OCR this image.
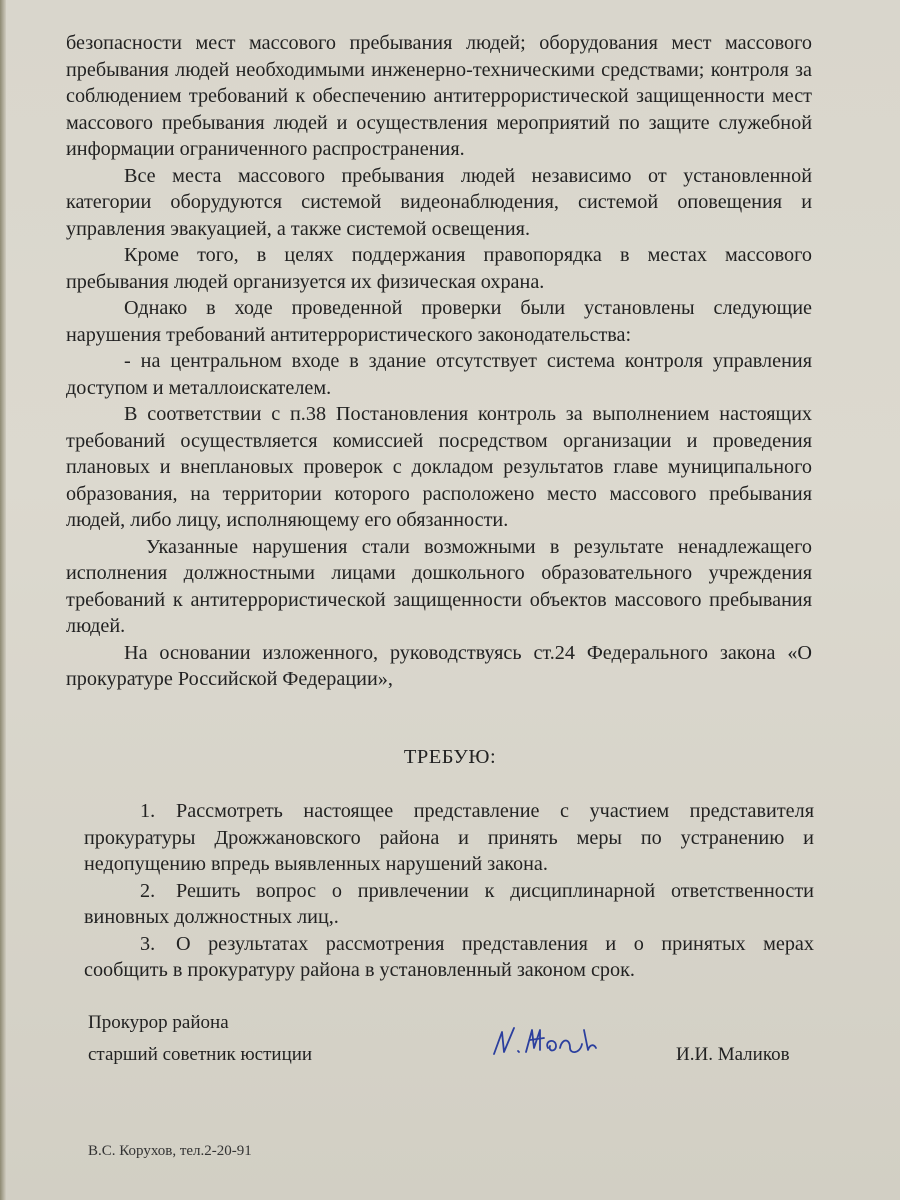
безопасности мест массового пребывания людей; оборудования мест массового пребывания людей необходимыми инженерно-техническими средствами; контроля за соблюдением требований к обеспечению антитеррористической защищенности мест массового пребывания людей и осуществления мероприятий по защите служебной информации ограниченного распространения.

Все места массового пребывания людей независимо от установленной категории оборудуются системой видеонаблюдения, системой оповещения и управления эвакуацией, а также системой освещения.

Кроме того, в целях поддержания правопорядка в местах массового пребывания людей организуется их физическая охрана.

Однако в ходе проведенной проверки были установлены следующие нарушения требований антитеррористического законодательства:

- на центральном входе в здание отсутствует система контроля управления доступом и металлоискателем.

В соответствии с п.38 Постановления контроль за выполнением настоящих требований осуществляется комиссией посредством организации и проведения плановых и внеплановых проверок с докладом результатов главе муниципального образования, на территории которого расположено место массового пребывания людей, либо лицу, исполняющему его обязанности.

Указанные нарушения стали возможными в результате ненадлежащего исполнения должностными лицами дошкольного образовательного учреждения требований к антитеррористической защищенности объектов массового пребывания людей.

На основании изложенного, руководствуясь ст.24 Федерального закона «О прокуратуре Российской Федерации»,

ТРЕБУЮ:

1. Рассмотреть настоящее представление с участием представителя прокуратуры Дрожжановского района и принять меры по устранению и недопущению впредь выявленных нарушений закона.

2. Решить вопрос о привлечении к дисциплинарной ответственности виновных должностных лиц,.

3. О результатах рассмотрения представления и о принятых мерах сообщить в прокуратуру района в установленный законом срок.

Прокурор района
старший советник юстиции	И.И. Маликов
В.С. Корухов, тел.2-20-91
